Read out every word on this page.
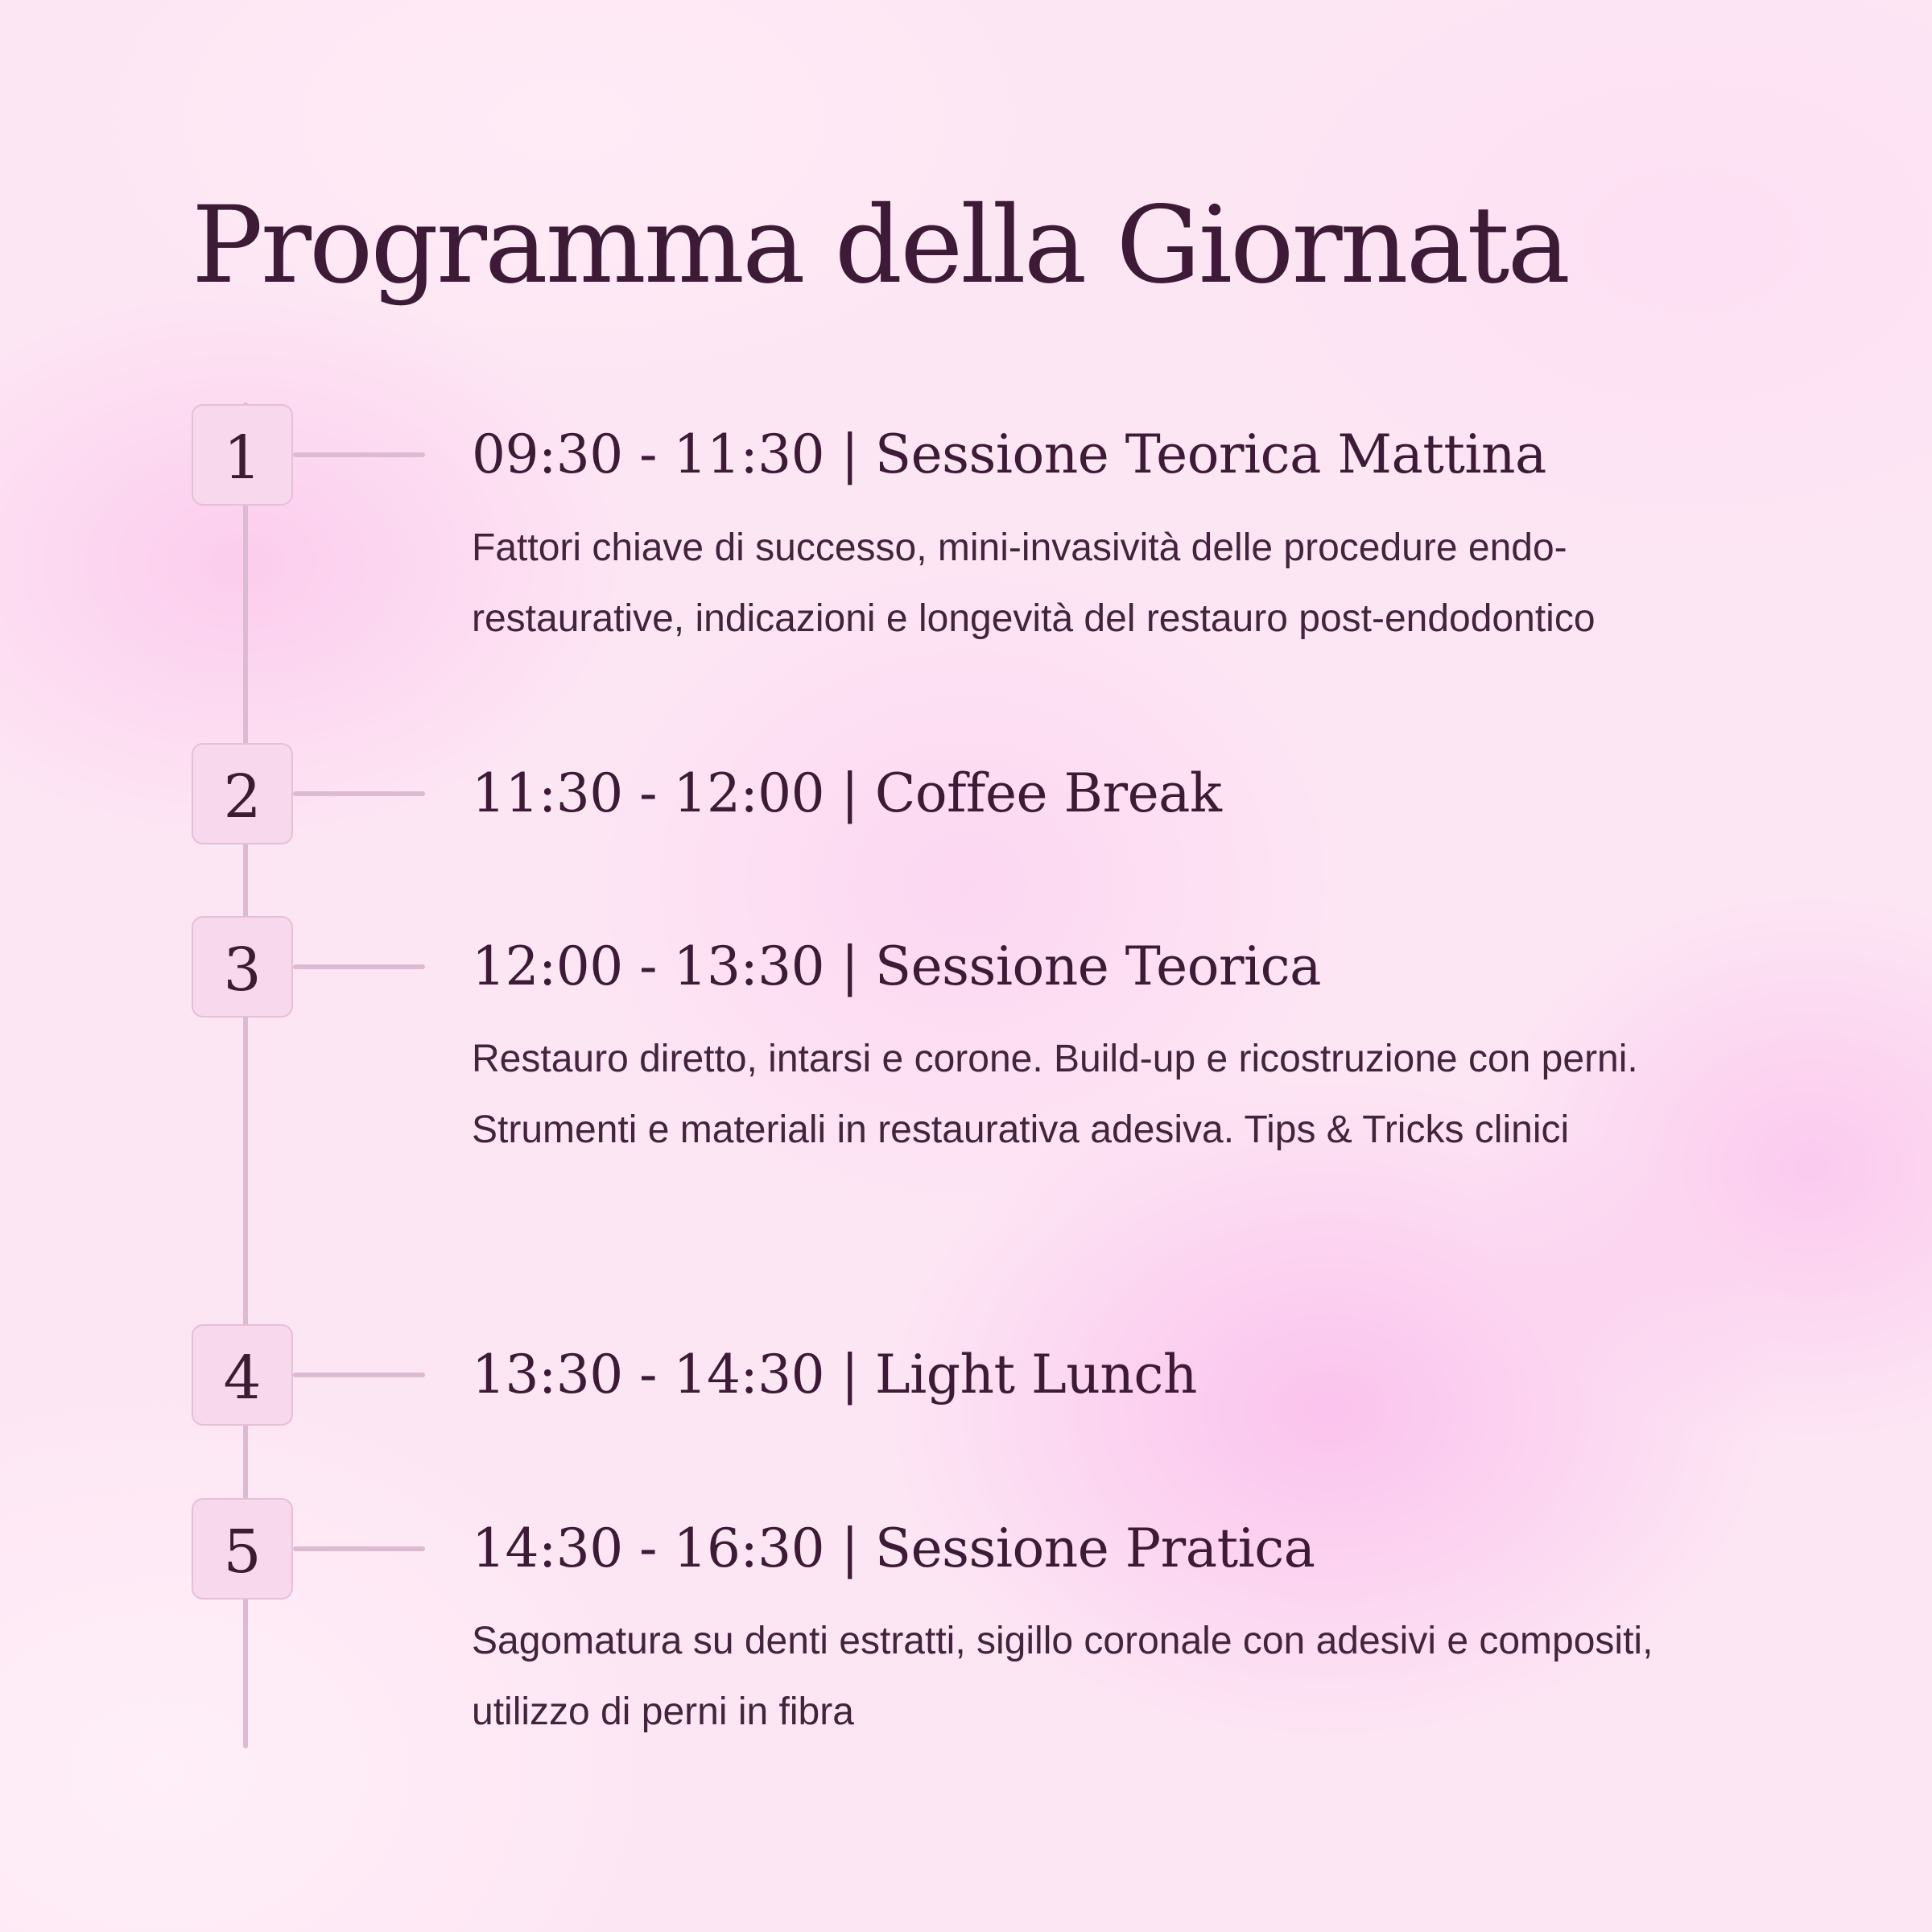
Programma della Giornata
1	09:30 - 11:30 | Sessione Teorica Mattina

Fattori chiave di successo, mini-invasività delle procedure endo-restaurative, indicazioni e longevità del restauro post-endodontico

2	11:30 - 12:00 | Coffee Break
3	12:00 - 13:30 | Sessione Teorica

Restauro diretto, intarsi e corone. Build-up e ricostruzione con perni. Strumenti e materiali in restaurativa adesiva. Tips & Tricks clinici

4	13:30 - 14:30 | Light Lunch
5	14:30 - 16:30 | Sessione Pratica

Sagomatura su denti estratti, sigillo coronale con adesivi e compositi, utilizzo di perni in fibra
